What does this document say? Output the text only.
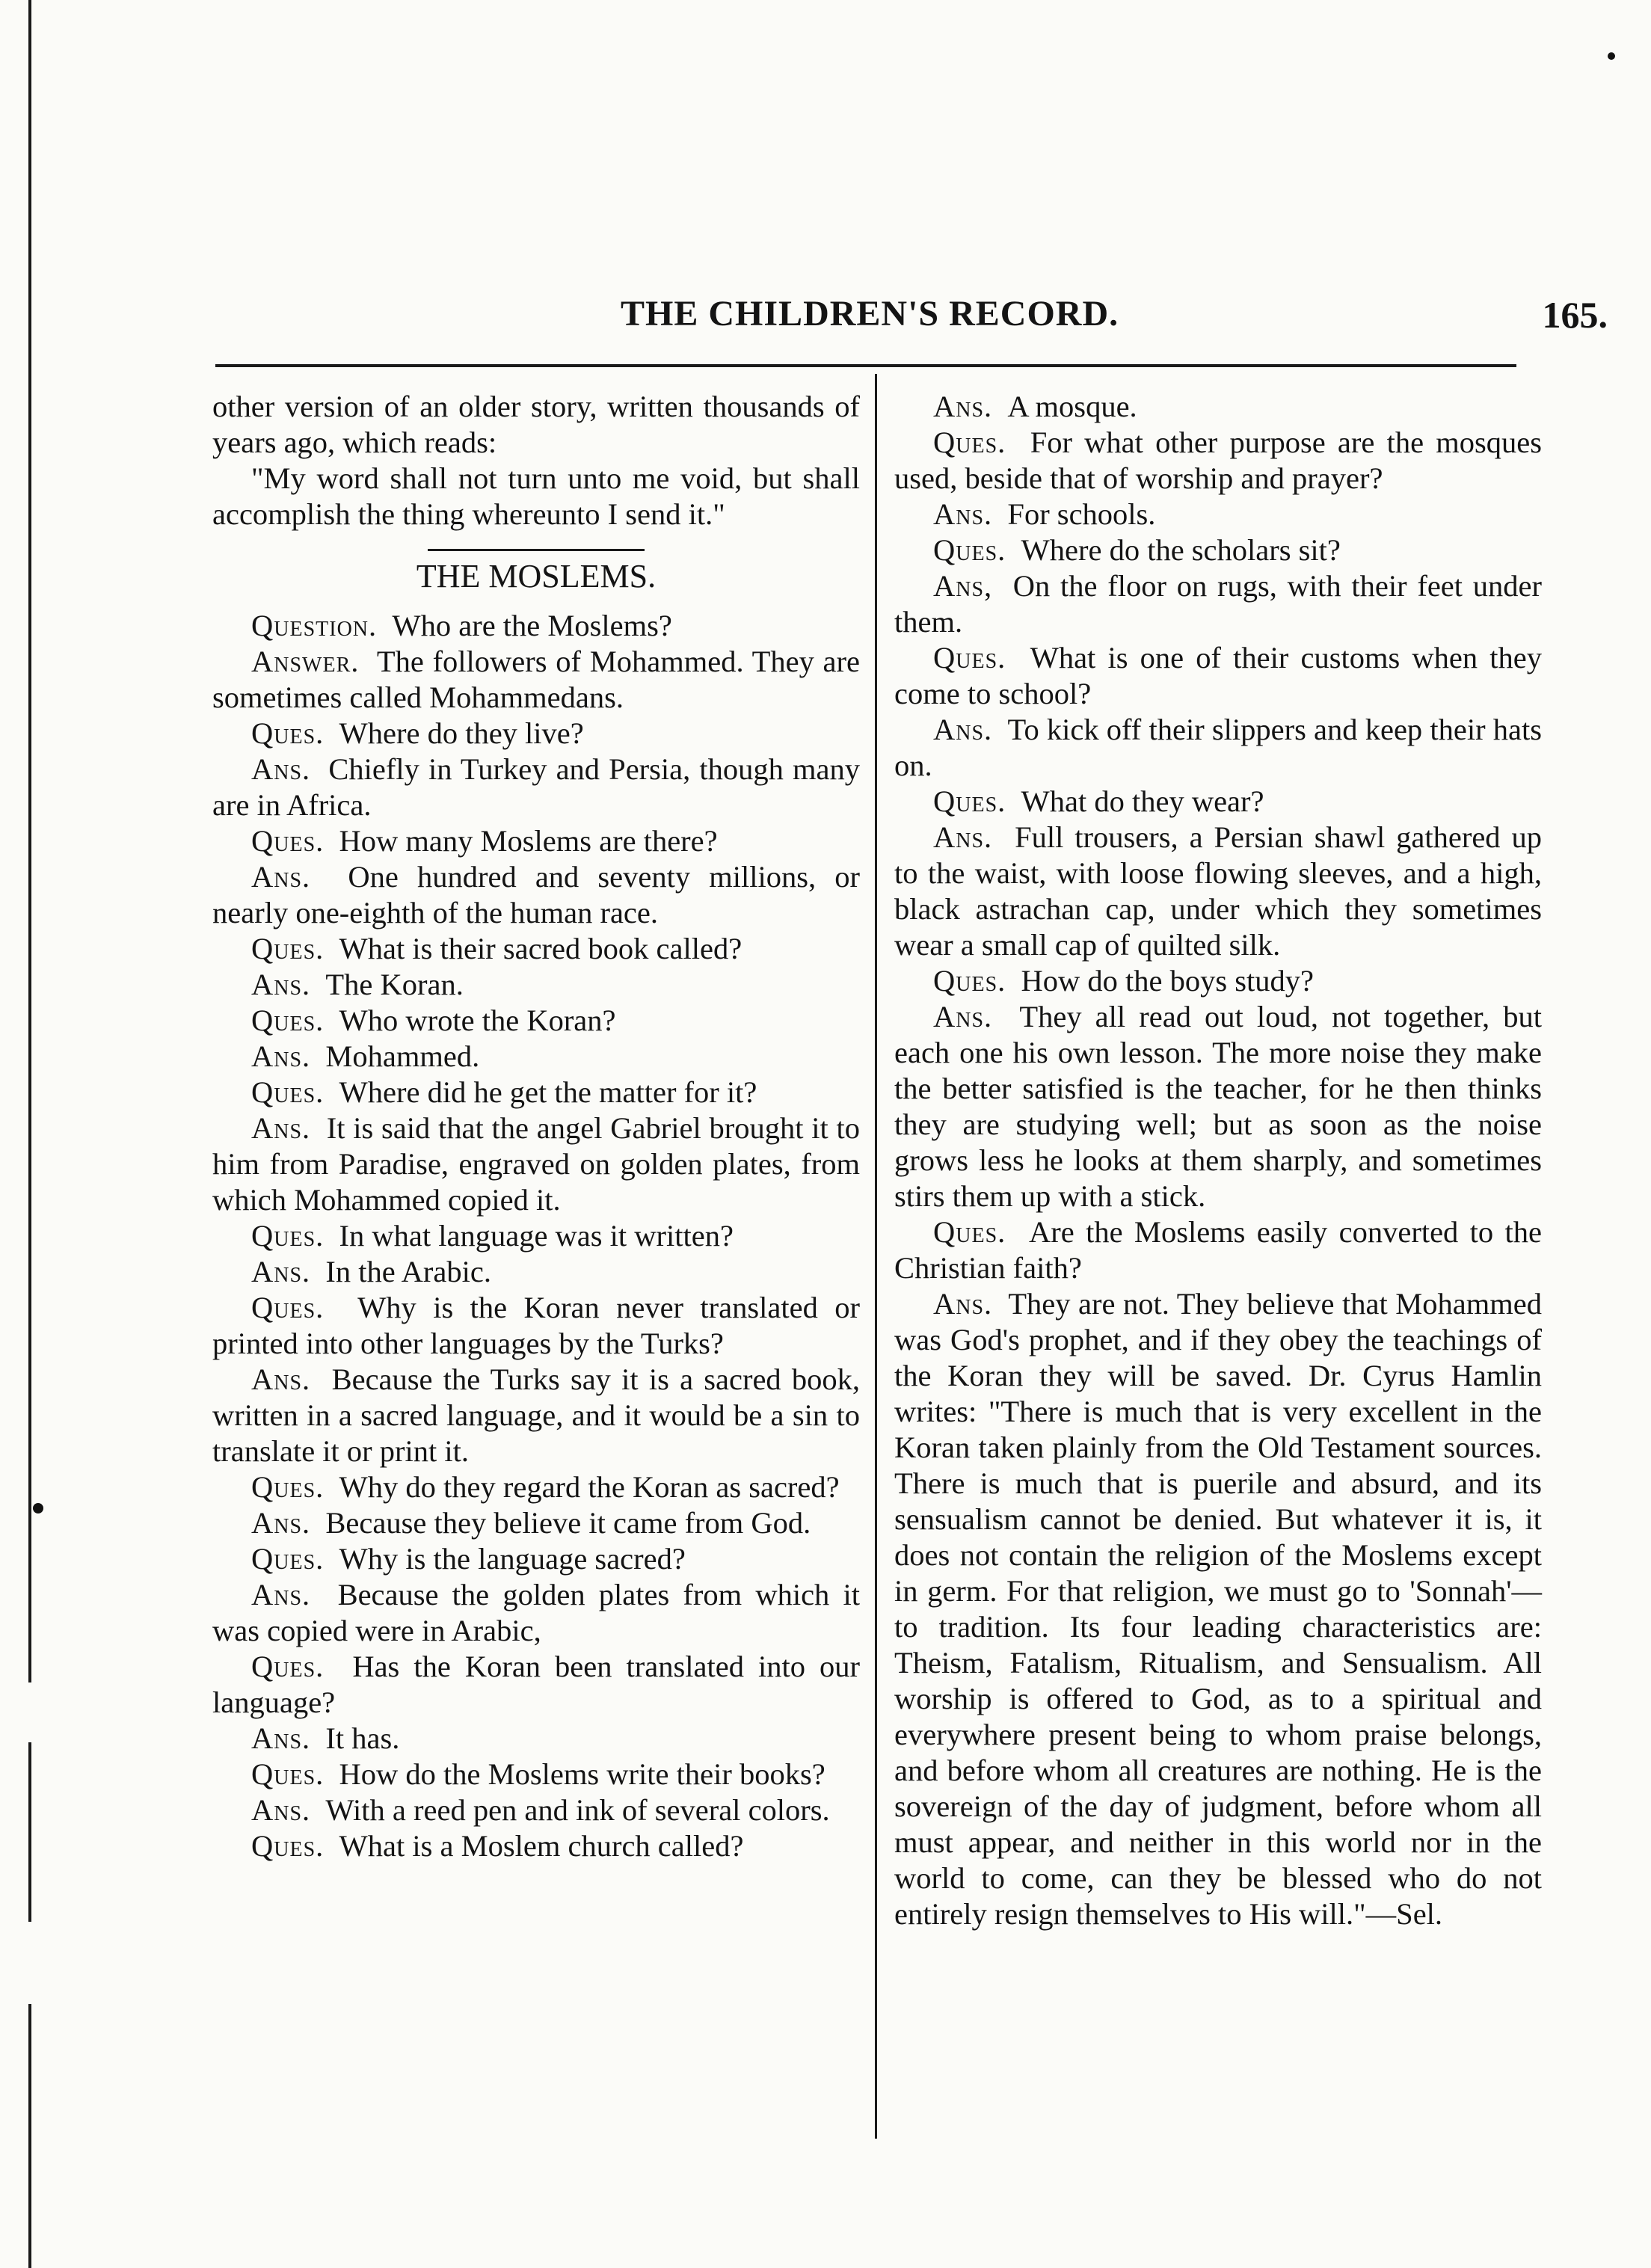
THE CHILDREN'S RECORD.	165.

other version of an older story, written thousands of years ago, which reads:

"My word shall not turn unto me void, but shall accomplish the thing whereunto I send it."

THE MOSLEMS.

Question. Who are the Moslems?

Answer. The followers of Mohammed. They are sometimes called Mohammedans.

Ques. Where do they live?

Ans. Chiefly in Turkey and Persia, though many are in Africa.

Ques. How many Moslems are there?

Ans. One hundred and seventy millions, or nearly one-eighth of the human race.

Ques. What is their sacred book called?

Ans. The Koran.

Ques. Who wrote the Koran?

Ans. Mohammed.

Ques. Where did he get the matter for it?

Ans. It is said that the angel Gabriel brought it to him from Paradise, engraved on golden plates, from which Mohammed copied it.

Ques. In what language was it written?

Ans. In the Arabic.

Ques. Why is the Koran never translated or printed into other languages by the Turks?

Ans. Because the Turks say it is a sacred book, written in a sacred language, and it would be a sin to translate it or print it.

Ques. Why do they regard the Koran as sacred?

Ans. Because they believe it came from God.

Ques. Why is the language sacred?

Ans. Because the golden plates from which it was copied were in Arabic,

Ques. Has the Koran been translated into our language?

Ans. It has.

Ques. How do the Moslems write their books?

Ans. With a reed pen and ink of several colors.

Ques. What is a Moslem church called?

Ans. A mosque.

Ques. For what other purpose are the mosques used, beside that of worship and prayer?

Ans. For schools.

Ques. Where do the scholars sit?

Ans, On the floor on rugs, with their feet under them.

Ques. What is one of their customs when they come to school?

Ans. To kick off their slippers and keep their hats on.

Ques. What do they wear?

Ans. Full trousers, a Persian shawl gathered up to the waist, with loose flowing sleeves, and a high, black astrachan cap, under which they sometimes wear a small cap of quilted silk.

Ques. How do the boys study?

Ans. They all read out loud, not together, but each one his own lesson. The more noise they make the better satisfied is the teacher, for he then thinks they are studying well; but as soon as the noise grows less he looks at them sharply, and sometimes stirs them up with a stick.

Ques. Are the Moslems easily converted to the Christian faith?

Ans. They are not. They believe that Mohammed was God's prophet, and if they obey the teachings of the Koran they will be saved. Dr. Cyrus Hamlin writes: "There is much that is very excellent in the Koran taken plainly from the Old Testament sources. There is much that is puerile and absurd, and its sensualism cannot be denied. But whatever it is, it does not contain the religion of the Moslems except in germ. For that religion, we must go to 'Sonnah'—to tradition. Its four leading characteristics are: Theism, Fatalism, Ritualism, and Sensualism. All worship is offered to God, as to a spiritual and everywhere present being to whom praise belongs, and before whom all creatures are nothing. He is the sovereign of the day of judgment, before whom all must appear, and neither in this world nor in the world to come, can they be blessed who do not entirely resign themselves to His will."—Sel.
